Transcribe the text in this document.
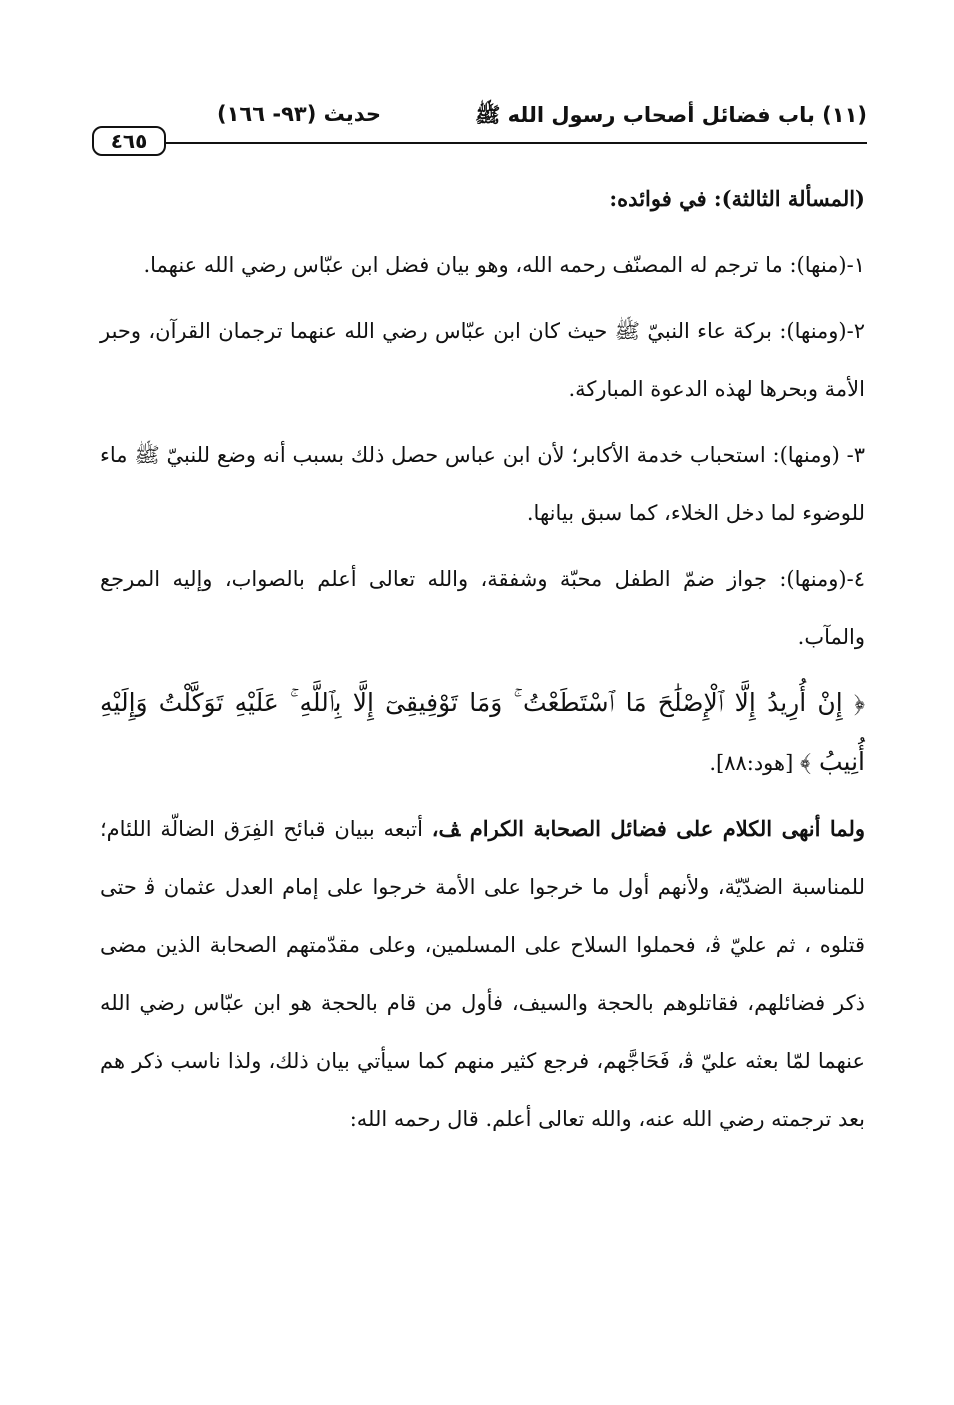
٤٦٥
حديث (٩٣- ١٦٦)	(١١) باب فضائل أصحاب رسول الله ﷺ

(المسألة الثالثة): في فوائده:

١-(منها): ما ترجم له المصنّف رحمه الله، وهو بيان فضل ابن عبّاس رضي الله عنهما.

٢-(ومنها): بركة عاء النبيّ ﷺ حيث كان ابن عبّاس رضي الله عنهما ترجمان القرآن، وحبر الأمة وبحرها لهذه الدعوة المباركة.

٣- (ومنها): استحباب خدمة الأكابر؛ لأن ابن عباس حصل ذلك بسبب أنه وضع للنبيّ ﷺ ماء للوضوء لما دخل الخلاء، كما سبق بيانها.

٤-(ومنها): جواز ضمّ الطفل محبّة وشفقة، والله تعالى أعلم بالصواب، وإليه المرجع والمآب.

﴿ إِنْ أُرِيدُ إِلَّا ٱلْإِصْلَٰحَ مَا ٱسْتَطَعْتُ ۚ وَمَا تَوْفِيقِىٓ إِلَّا بِٱللَّهِ ۚ عَلَيْهِ تَوَكَّلْتُ وَإِلَيْهِ أُنِيبُ ﴾ [هود:٨٨].

ولما أنهى الكلام على فضائل الصحابة الكرام ﭫ، أتبعه ببيان قبائح الفِرَق الضالّة اللئام؛ للمناسبة الضدّيّة، ولأنهم أول ما خرجوا على الأمة خرجوا على إمام العدل عثمان ﭬ حتى قتلوه ، ثم عليّ ﭬ، فحملوا السلاح على المسلمين، وعلى مقدّمتهم الصحابة الذين مضى ذكر فضائلهم، فقاتلوهم بالحجة والسيف، فأول من قام بالحجة هو ابن عبّاس رضي الله عنهما لمّا بعثه عليّ ﭬ، فَحَاجَّهم، فرجع كثير منهم كما سيأتي بيان ذلك، ولذا ناسب ذكر هم بعد ترجمته رضي الله عنه، والله تعالى أعلم. قال رحمه الله:
